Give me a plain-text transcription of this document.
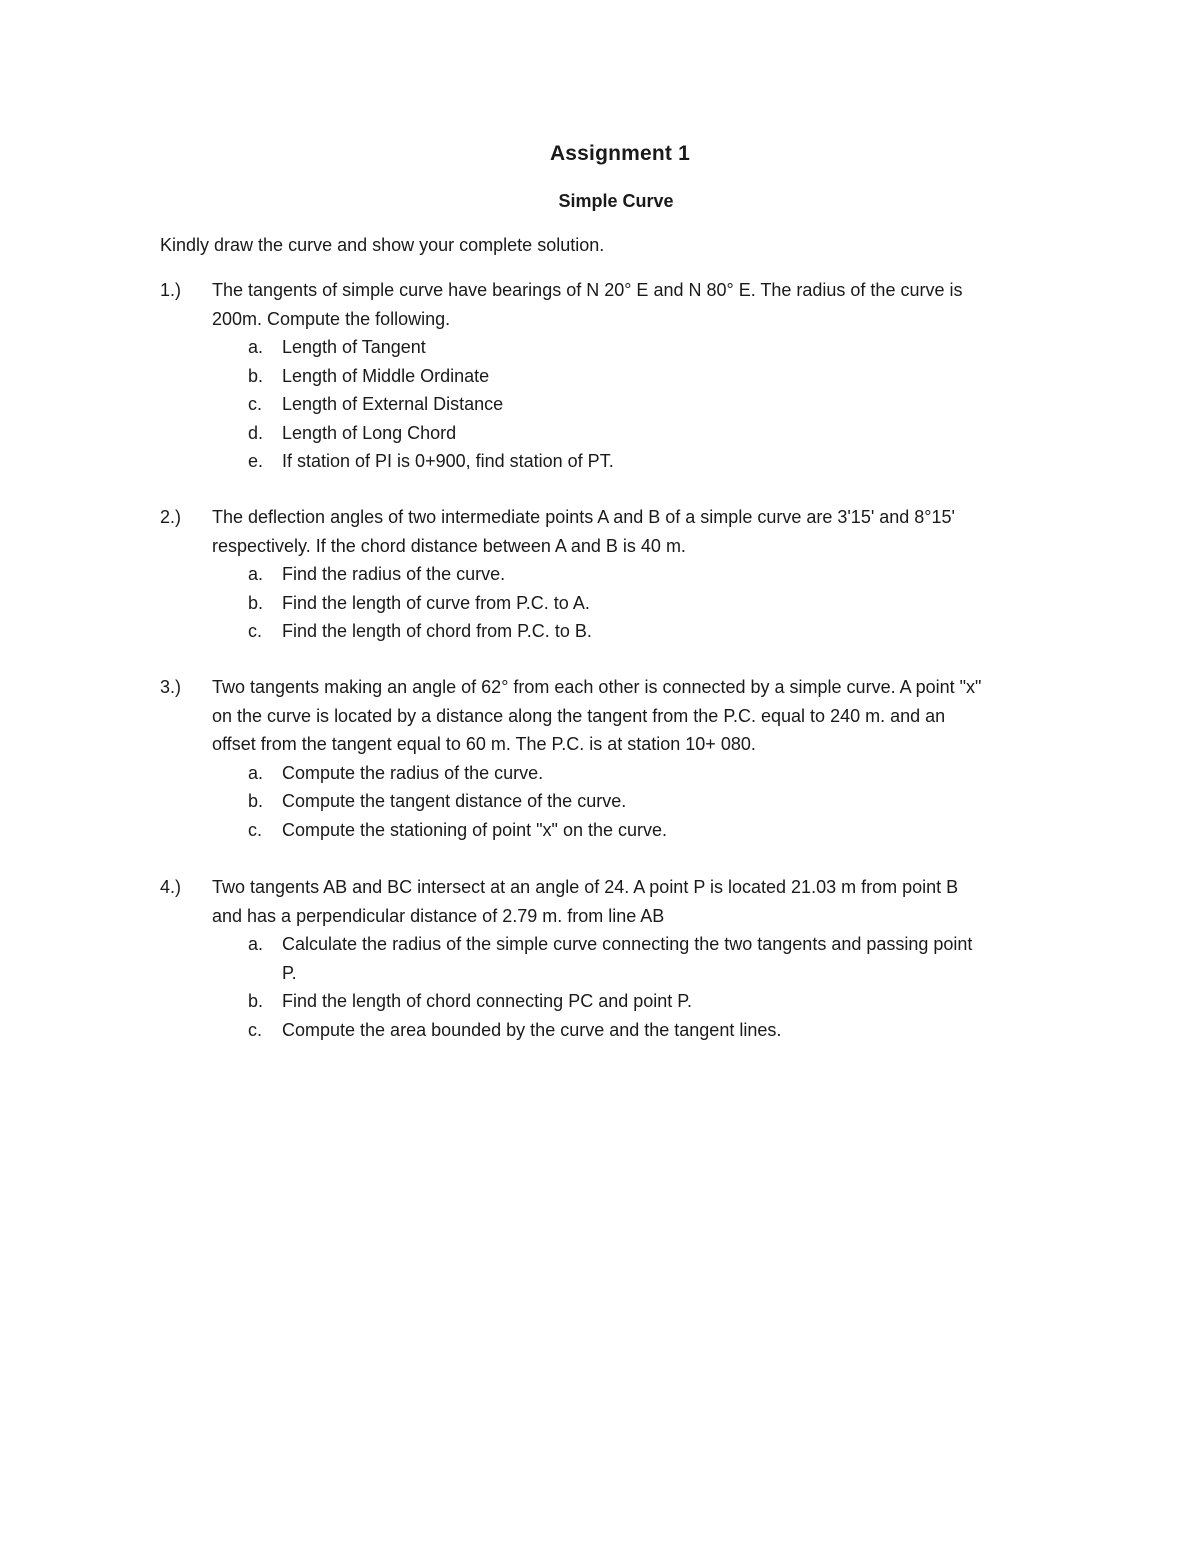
Assignment 1
Simple Curve
Kindly draw the curve and show your complete solution.
1.) The tangents of simple curve have bearings of N 20° E and N 80° E. The radius of the curve is
200m. Compute the following.
a. Length of Tangent
b. Length of Middle Ordinate
c. Length of External Distance
d. Length of Long Chord
e. If station of PI is 0+900, find station of PT.
2.) The deflection angles of two intermediate points A and B of a simple curve are 3'15' and 8°15'
respectively. If the chord distance between A and B is 40 m.
a. Find the radius of the curve.
b. Find the length of curve from P.C. to A.
c. Find the length of chord from P.C. to B.
3.) Two tangents making an angle of 62° from each other is connected by a simple curve. A point "x"
on the curve is located by a distance along the tangent from the P.C. equal to 240 m. and an
offset from the tangent equal to 60 m. The P.C. is at station 10+ 080.
a. Compute the radius of the curve.
b. Compute the tangent distance of the curve.
c. Compute the stationing of point "x" on the curve.
4.) Two tangents AB and BC intersect at an angle of 24. A point P is located 21.03 m from point B
and has a perpendicular distance of 2.79 m. from line AB
a. Calculate the radius of the simple curve connecting the two tangents and passing point
P.
b. Find the length of chord connecting PC and point P.
c. Compute the area bounded by the curve and the tangent lines.
